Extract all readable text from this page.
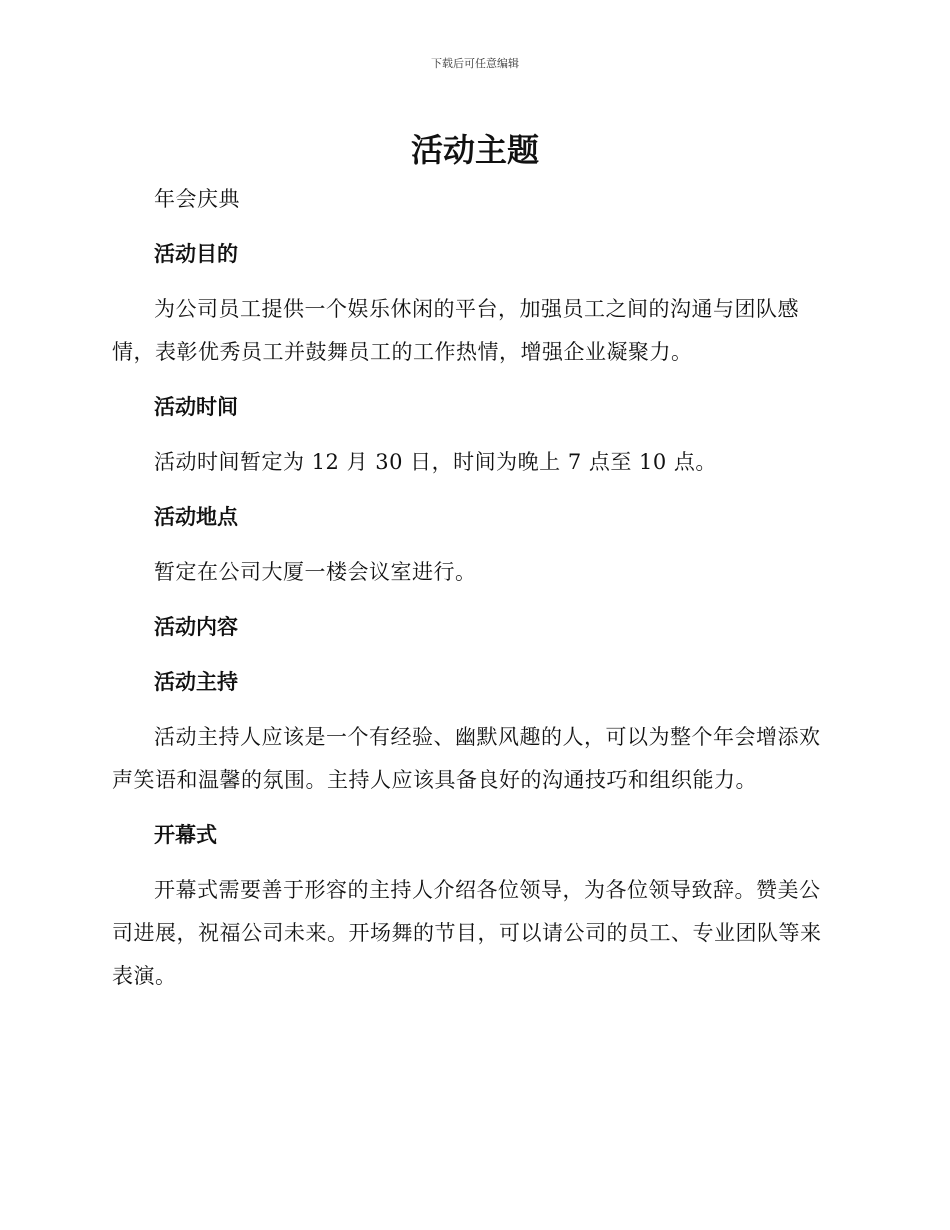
下载后可任意编辑
活动主题

年会庆典

活动目的

为公司员工提供一个娱乐休闲的平台，加强员工之间的沟通与团队感情，表彰优秀员工并鼓舞员工的工作热情，增强企业凝聚力。

活动时间

活动时间暂定为 12 月 30 日，时间为晚上 7 点至 10 点。

活动地点

暂定在公司大厦一楼会议室进行。

活动内容

活动主持

活动主持人应该是一个有经验、幽默风趣的人，可以为整个年会增添欢声笑语和温馨的氛围。主持人应该具备良好的沟通技巧和组织能力。

开幕式

开幕式需要善于形容的主持人介绍各位领导，为各位领导致辞。赞美公司进展，祝福公司未来。开场舞的节目，可以请公司的员工、专业团队等来表演。
